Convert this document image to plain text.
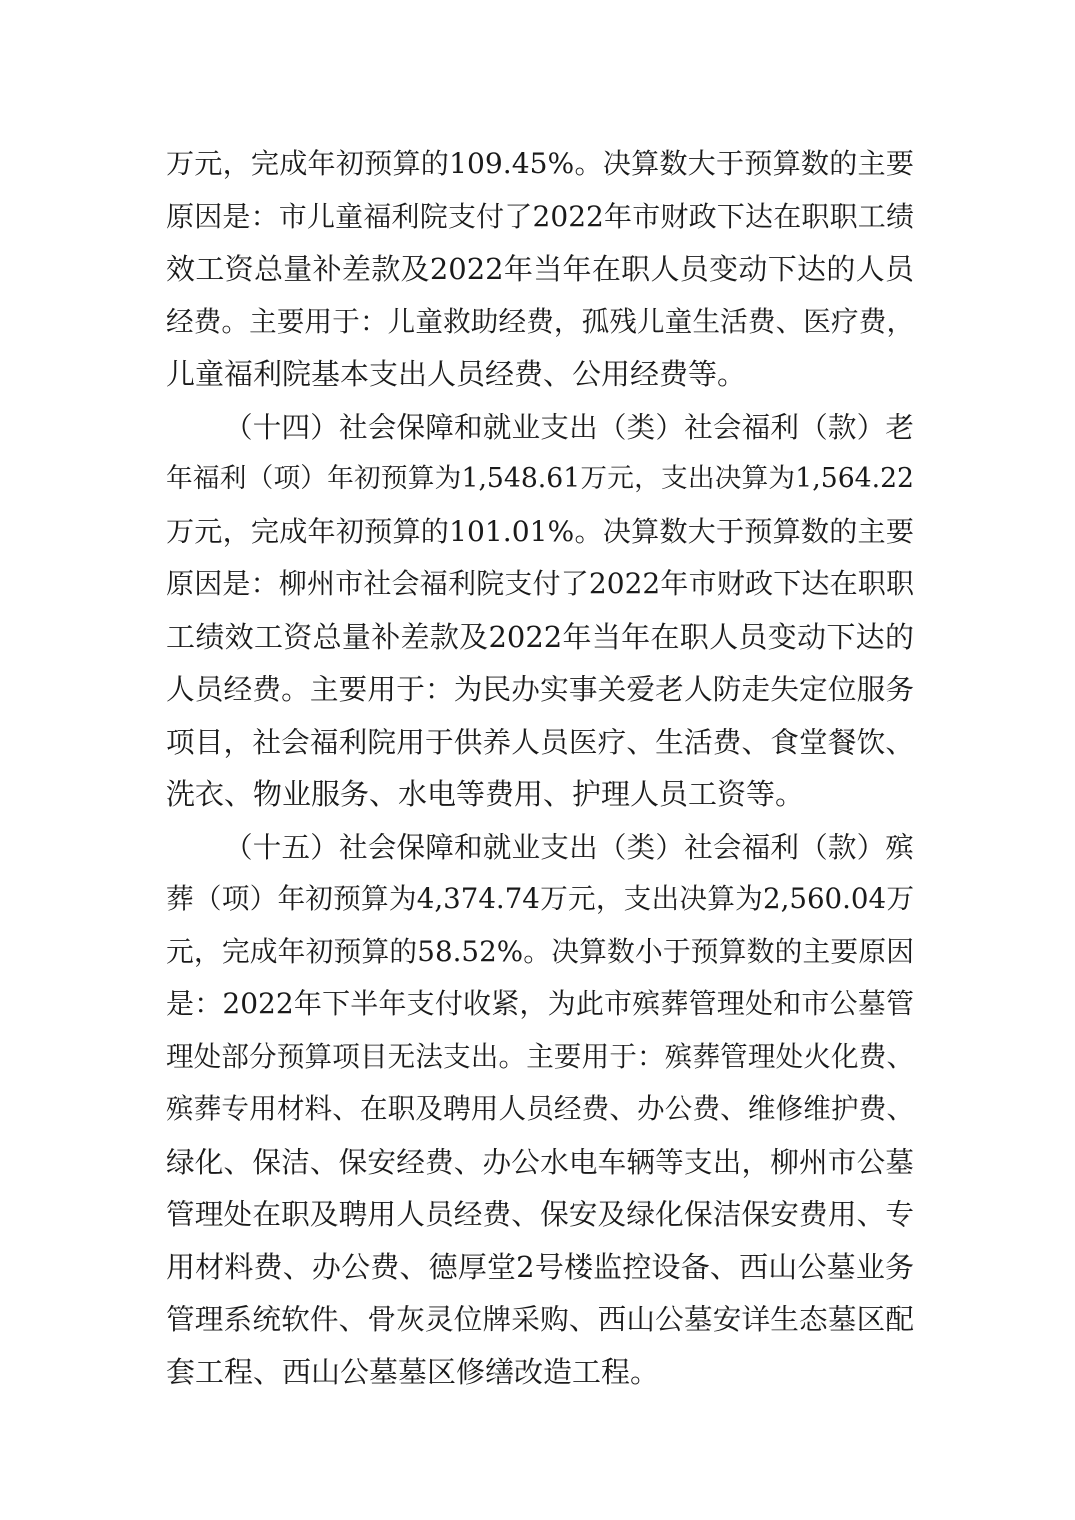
万元，完成年初预算的109.45%。决算数大于预算数的主要
原因是：市儿童福利院支付了2022年市财政下达在职职工绩
效工资总量补差款及2022年当年在职人员变动下达的人员
经费。主要用于：儿童救助经费，孤残儿童生活费、医疗费，
儿童福利院基本支出人员经费、公用经费等。
（十四）社会保障和就业支出（类）社会福利（款）老
年福利（项）年初预算为1,548.61万元，支出决算为1,564.22
万元，完成年初预算的101.01%。决算数大于预算数的主要
原因是：柳州市社会福利院支付了2022年市财政下达在职职
工绩效工资总量补差款及2022年当年在职人员变动下达的
人员经费。主要用于：为民办实事关爱老人防走失定位服务
项目，社会福利院用于供养人员医疗、生活费、食堂餐饮、
洗衣、物业服务、水电等费用、护理人员工资等。
（十五）社会保障和就业支出（类）社会福利（款）殡
葬（项）年初预算为4,374.74万元，支出决算为2,560.04万
元，完成年初预算的58.52%。决算数小于预算数的主要原因
是：2022年下半年支付收紧，为此市殡葬管理处和市公墓管
理处部分预算项目无法支出。主要用于：殡葬管理处火化费、
殡葬专用材料、在职及聘用人员经费、办公费、维修维护费、
绿化、保洁、保安经费、办公水电车辆等支出，柳州市公墓
管理处在职及聘用人员经费、保安及绿化保洁保安费用、专
用材料费、办公费、德厚堂2号楼监控设备、西山公墓业务
管理系统软件、骨灰灵位牌采购、西山公墓安详生态墓区配
套工程、西山公墓墓区修缮改造工程。
